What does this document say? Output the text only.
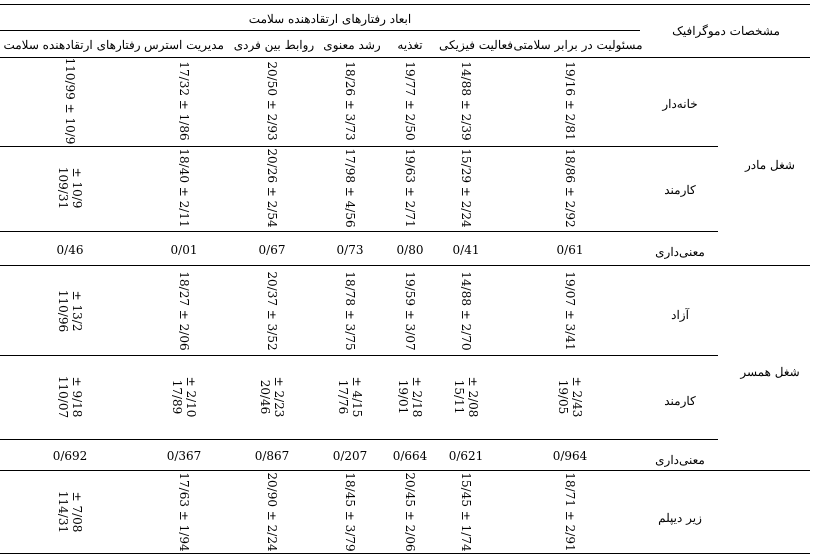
مشخصات دموگرافیک
ابعاد رفتارهای ارتقادهنده سلامت
مسئولیت در برابر سلامتی
فعالیت فیزیکی
تغذیه
رشد معنوی
روابط بین فردی
مدیریت استرس
رفتارهای ارتقادهنده سلامت
شغل مادر
شغل همسر
خانه‌دار
کارمند
معنی‌داری
آزاد
کارمند
معنی‌داری
زیر دیپلم
19/16 ± 2/81
14/88 ± 2/39
19/77 ± 2/50
18/26 ± 3/73
20/50 ± 2/93
17/32 ± 1/86
110/99 ± 10/9
18/86 ± 2/92
15/29 ± 2/24
19/63 ± 2/71
17/98 ± 4/56
20/26 ± 2/54
18/40 ± 2/11
± 10/9
109/31
0/61
0/41
0/80
0/73
0/67
0/01
0/46
19/07 ± 3/41
14/88 ± 2/70
19/59 ± 3/07
18/78 ± 3/75
20/37 ± 3/52
18/27 ± 2/06
± 13/2
110/96
± 2/43
19/05
± 2/08
15/11
± 2/18
19/01
± 4/15
17/76
± 2/23
20/46
± 2/10
17/89
± 9/18
110/07
0/964
0/621
0/664
0/207
0/867
0/367
0/692
18/71 ± 2/91
15/45 ± 1/74
20/45 ± 2/06
18/45 ± 3/79
20/90 ± 2/24
17/63 ± 1/94
± 7/08
114/31
